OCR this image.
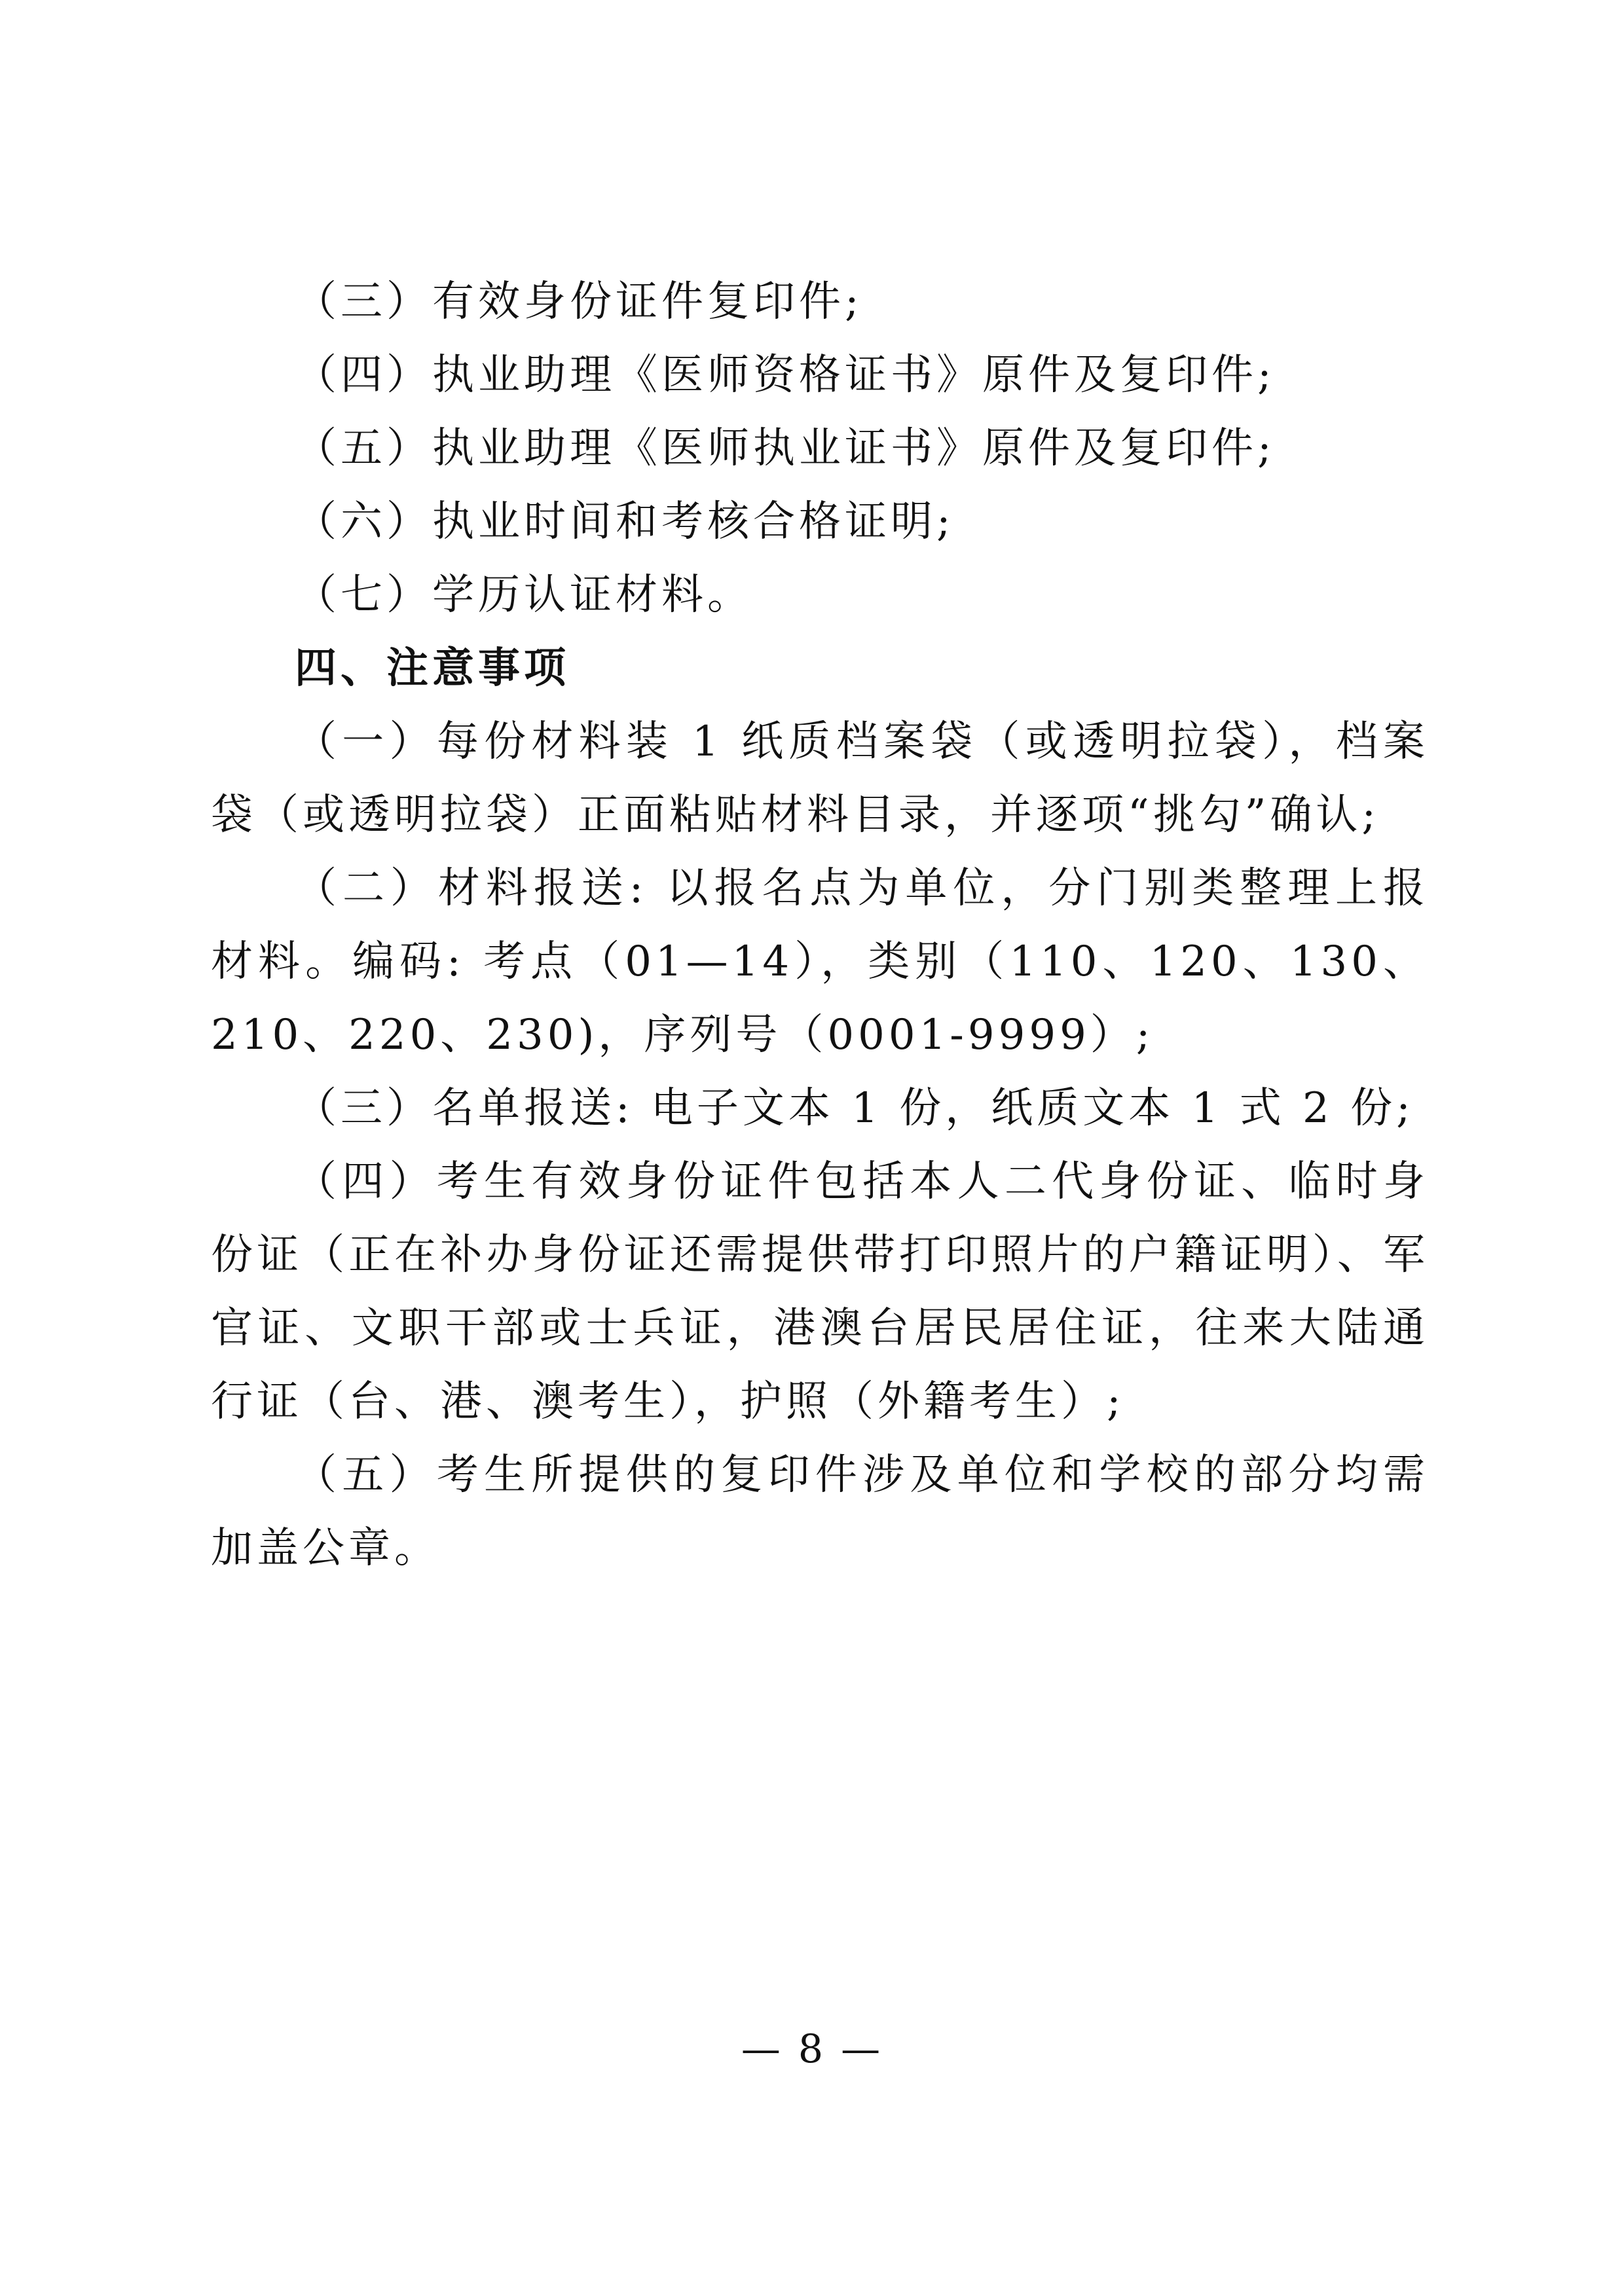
（三）有效身份证件复印件;

（四）执业助理《医师资格证书》原件及复印件;

（五）执业助理《医师执业证书》原件及复印件;

（六）执业时间和考核合格证明;

（七）学历认证材料。

四、注意事项

（一）每份材料装 1 纸质档案袋（或透明拉袋），档案袋（或透明拉袋）正面粘贴材料目录，并逐项“挑勾”确认;

（二）材料报送: 以报名点为单位，分门别类整理上报材料。编码: 考点（01—14），类别（110、120、130、210、220、230)，序列号（0001-9999）;

（三）名单报送: 电子文本 1 份，纸质文本 1 式 2 份;

（四）考生有效身份证件包括本人二代身份证、临时身份证（正在补办身份证还需提供带打印照片的户籍证明）、军官证、文职干部或士兵证，港澳台居民居住证，往来大陆通行证（台、港、澳考生），护照（外籍考生）;

（五）考生所提供的复印件涉及单位和学校的部分均需加盖公章。

— 8 —
